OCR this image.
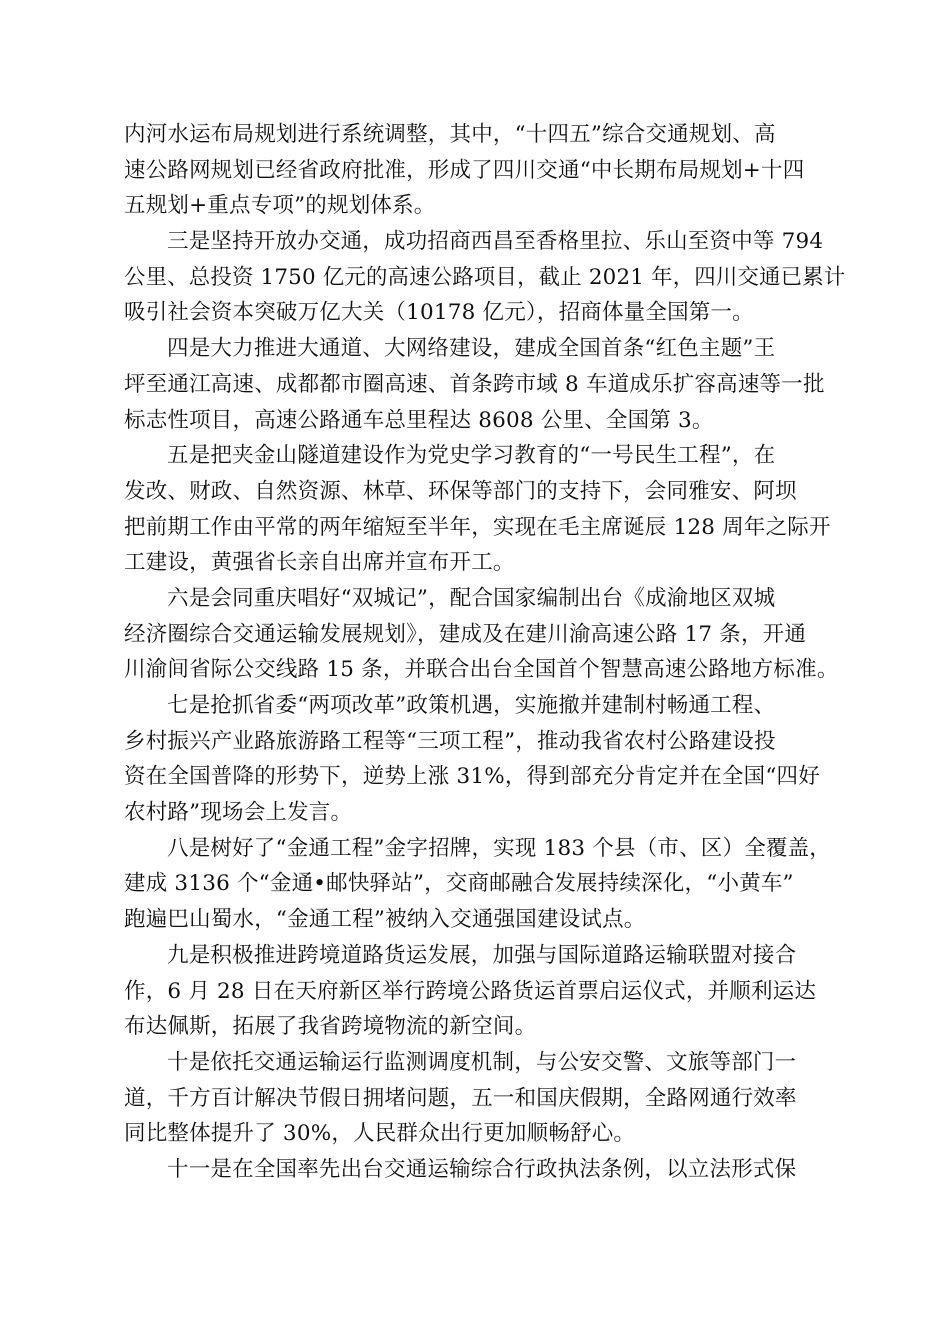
内河水运布局规划进行系统调整，其中，“十四五”综合交通规划、高
速公路网规划已经省政府批准，形成了四川交通“中长期布局规划+十四
五规划+重点专项”的规划体系。
三是坚持开放办交通，成功招商西昌至香格里拉、乐山至资中等 794
公里、总投资 1750 亿元的高速公路项目，截止 2021 年，四川交通已累计
吸引社会资本突破万亿大关（10178 亿元），招商体量全国第一。
四是大力推进大通道、大网络建设，建成全国首条“红色主题”王
坪至通江高速、成都都市圈高速、首条跨市域 8 车道成乐扩容高速等一批
标志性项目，高速公路通车总里程达 8608 公里、全国第 3。
五是把夹金山隧道建设作为党史学习教育的“一号民生工程”，在
发改、财政、自然资源、林草、环保等部门的支持下，会同雅安、阿坝
把前期工作由平常的两年缩短至半年，实现在毛主席诞辰 128 周年之际开
工建设，黄强省长亲自出席并宣布开工。
六是会同重庆唱好“双城记”，配合国家编制出台《成渝地区双城
经济圈综合交通运输发展规划》，建成及在建川渝高速公路 17 条，开通
川渝间省际公交线路 15 条，并联合出台全国首个智慧高速公路地方标准。
七是抢抓省委“两项改革”政策机遇，实施撤并建制村畅通工程、
乡村振兴产业路旅游路工程等“三项工程”，推动我省农村公路建设投
资在全国普降的形势下，逆势上涨 31%，得到部充分肯定并在全国“四好
农村路”现场会上发言。
八是树好了“金通工程”金字招牌，实现 183 个县（市、区）全覆盖，
建成 3136 个“金通•邮快驿站”，交商邮融合发展持续深化，“小黄车”
跑遍巴山蜀水，“金通工程”被纳入交通强国建设试点。
九是积极推进跨境道路货运发展，加强与国际道路运输联盟对接合
作，6 月 28 日在天府新区举行跨境公路货运首票启运仪式，并顺利运达
布达佩斯，拓展了我省跨境物流的新空间。
十是依托交通运输运行监测调度机制，与公安交警、文旅等部门一
道，千方百计解决节假日拥堵问题，五一和国庆假期，全路网通行效率
同比整体提升了 30%，人民群众出行更加顺畅舒心。
十一是在全国率先出台交通运输综合行政执法条例，以立法形式保
